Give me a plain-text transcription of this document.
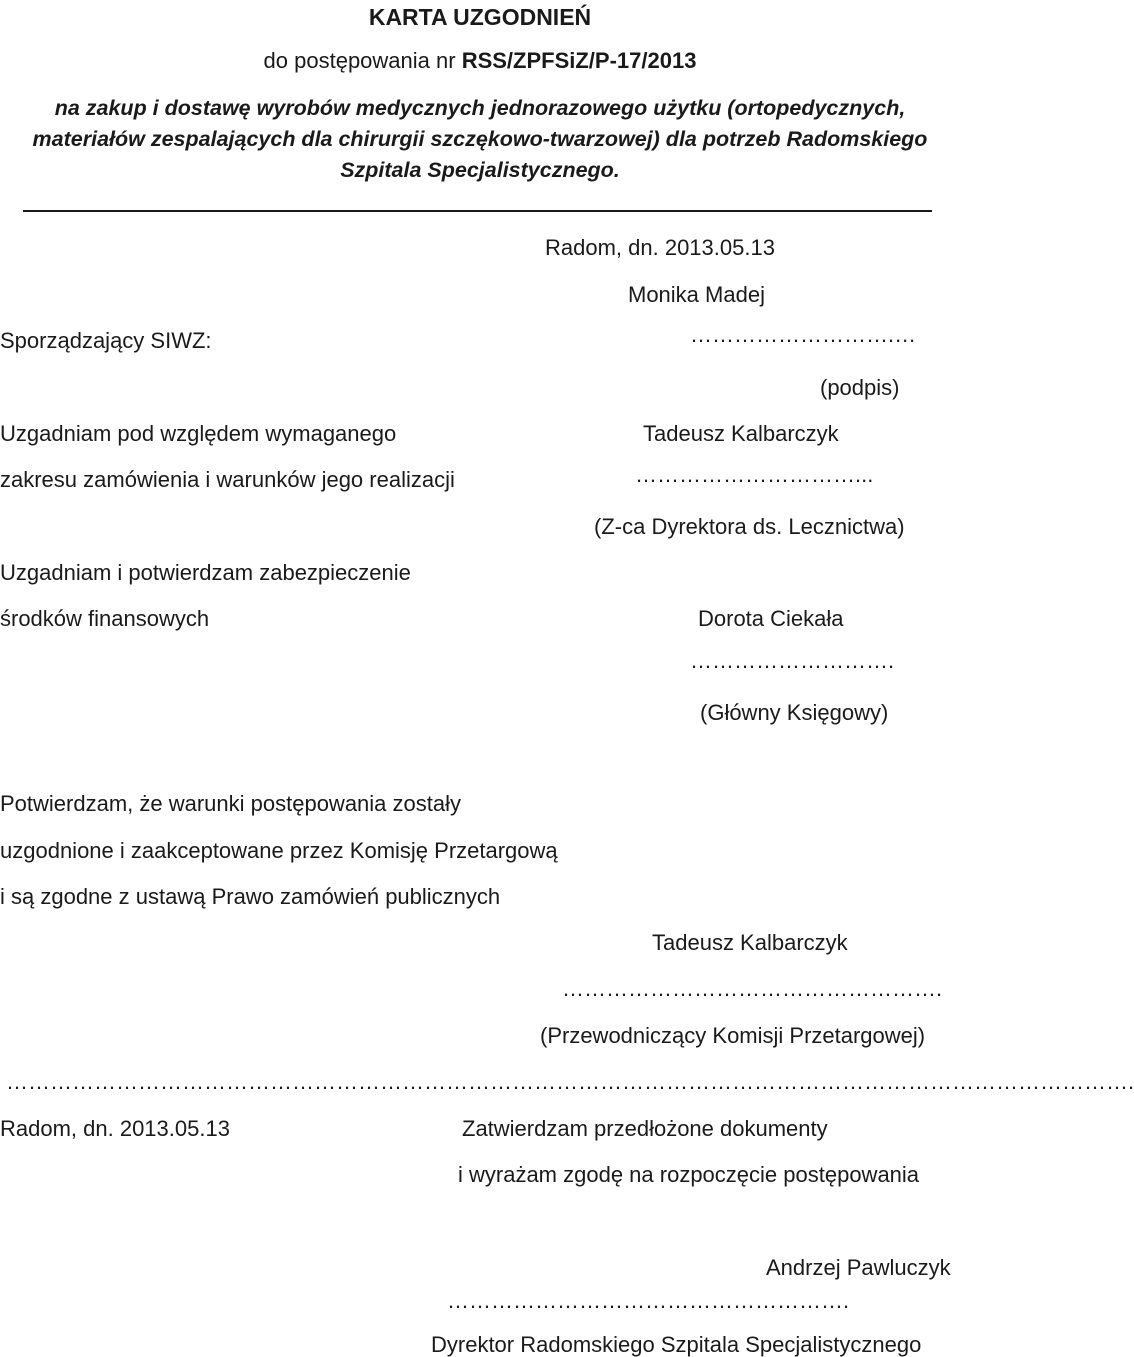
KARTA UZGODNIEŃ
do postępowania nr RSS/ZPFSiZ/P-17/2013
na zakup i dostawę wyrobów medycznych jednorazowego użytku (ortopedycznych,
materiałów zespalających dla chirurgii szczękowo-twarzowej) dla potrzeb Radomskiego
Szpitala Specjalistycznego.
Radom, dn. 2013.05.13
Monika Madej
Sporządzający SIWZ:	……………………….…
(podpis)
Uzgadniam pod względem wymaganego	Tadeusz Kalbarczyk
zakresu zamówienia i warunków jego realizacji	…………………………...
(Z-ca Dyrektora ds. Lecznictwa)
Uzgadniam i potwierdzam zabezpieczenie
środków finansowych	Dorota Ciekała
……………………….
(Główny Księgowy)
Potwierdzam, że warunki postępowania zostały
uzgodnione i zaakceptowane przez Komisję Przetargową
i są zgodne z ustawą Prawo zamówień publicznych
Tadeusz Kalbarczyk
…………………………………………….
(Przewodniczący Komisji Przetargowej)
……………………………………………………………………………………………………………………………………….
Radom, dn. 2013.05.13	Zatwierdzam przedłożone dokumenty
i wyrażam zgodę na rozpoczęcie postępowania
Andrzej Pawluczyk
……………………………………………….
Dyrektor Radomskiego Szpitala Specjalistycznego
